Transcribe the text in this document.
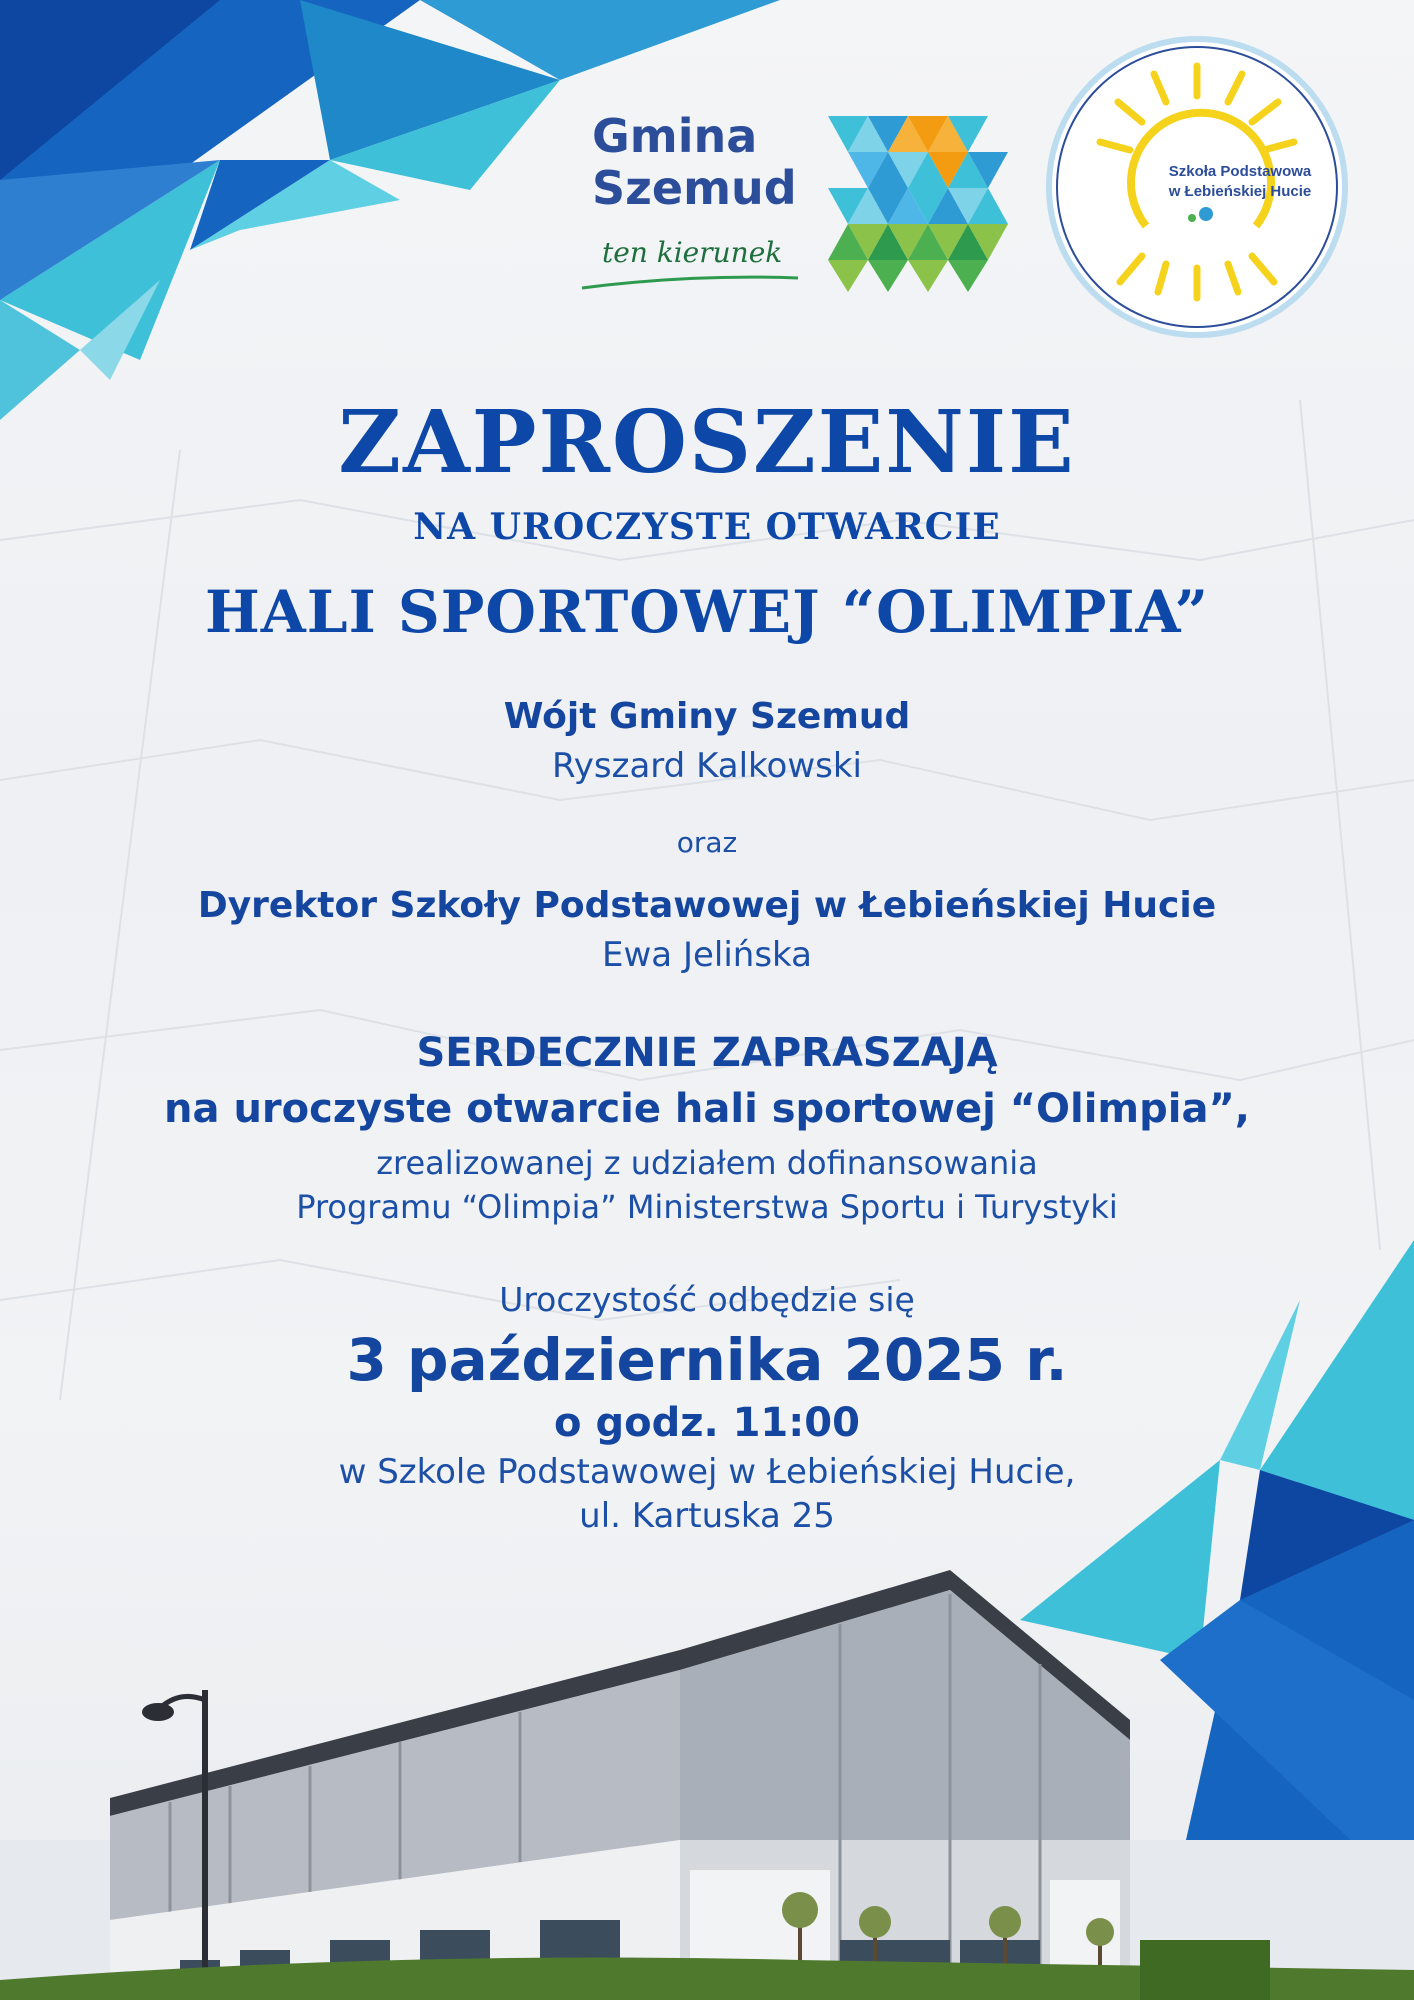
Gmina
Szemud
ten kierunek
Szkoła Podstawowa
w Łebieńskiej Hucie
ZAPROSZENIE
NA UROCZYSTE OTWARCIE
HALI SPORTOWEJ “OLIMPIA”
Wójt Gminy Szemud
Ryszard Kalkowski
oraz
Dyrektor Szkoły Podstawowej w Łebieńskiej Hucie
Ewa Jelińska
SERDECZNIE ZAPRASZAJĄ
na uroczyste otwarcie hali sportowej “Olimpia”,
zrealizowanej z udziałem dofinansowania
Programu “Olimpia” Ministerstwa Sportu i Turystyki
Uroczystość odbędzie się
3 października 2025 r.
o godz. 11:00
w Szkole Podstawowej w Łebieńskiej Hucie,
ul. Kartuska 25
